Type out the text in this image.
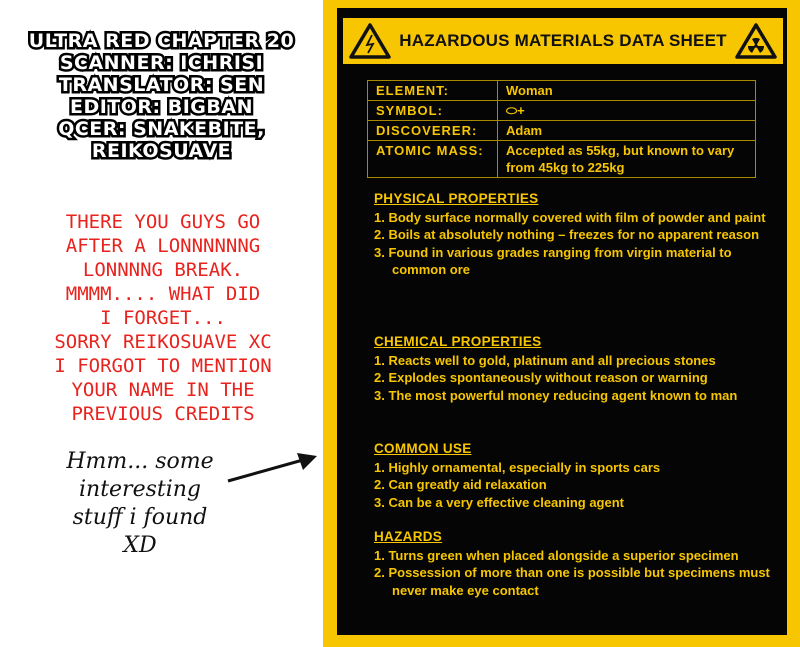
ULTRA RED CHAPTER 20
SCANNER: ICHRISI
TRANSLATOR: SEN
EDITOR: BIGBAN
QCER: SNAKEBITE,
REIKOSUAVE
THERE YOU GUYS GO
AFTER A LONNNNNNG
LONNNNG BREAK.
MMMM.... WHAT DID
I FORGET...
SORRY REIKOSUAVE XC
I FORGOT TO MENTION
YOUR NAME IN THE
PREVIOUS CREDITS
Hmm... some
interesting
stuff i found
XD
HAZARDOUS MATERIALS DATA SHEET
ELEMENT:	Woman
SYMBOL:	⬭+
DISCOVERER:	Adam
ATOMIC MASS:	Accepted as 55kg, but known to vary from 45kg to 225kg
PHYSICAL PROPERTIES
1. Body surface normally covered with film of powder and paint
2. Boils at absolutely nothing – freezes for no apparent reason
3. Found in various grades ranging from virgin material to common ore
CHEMICAL PROPERTIES
1. Reacts well to gold, platinum and all precious stones
2. Explodes spontaneously without reason or warning
3. The most powerful money reducing agent known to man
COMMON USE
1. Highly ornamental, especially in sports cars
2. Can greatly aid relaxation
3. Can be a very effective cleaning agent
HAZARDS
1. Turns green when placed alongside a superior specimen
2. Possession of more than one is possible but specimens must never make eye contact
